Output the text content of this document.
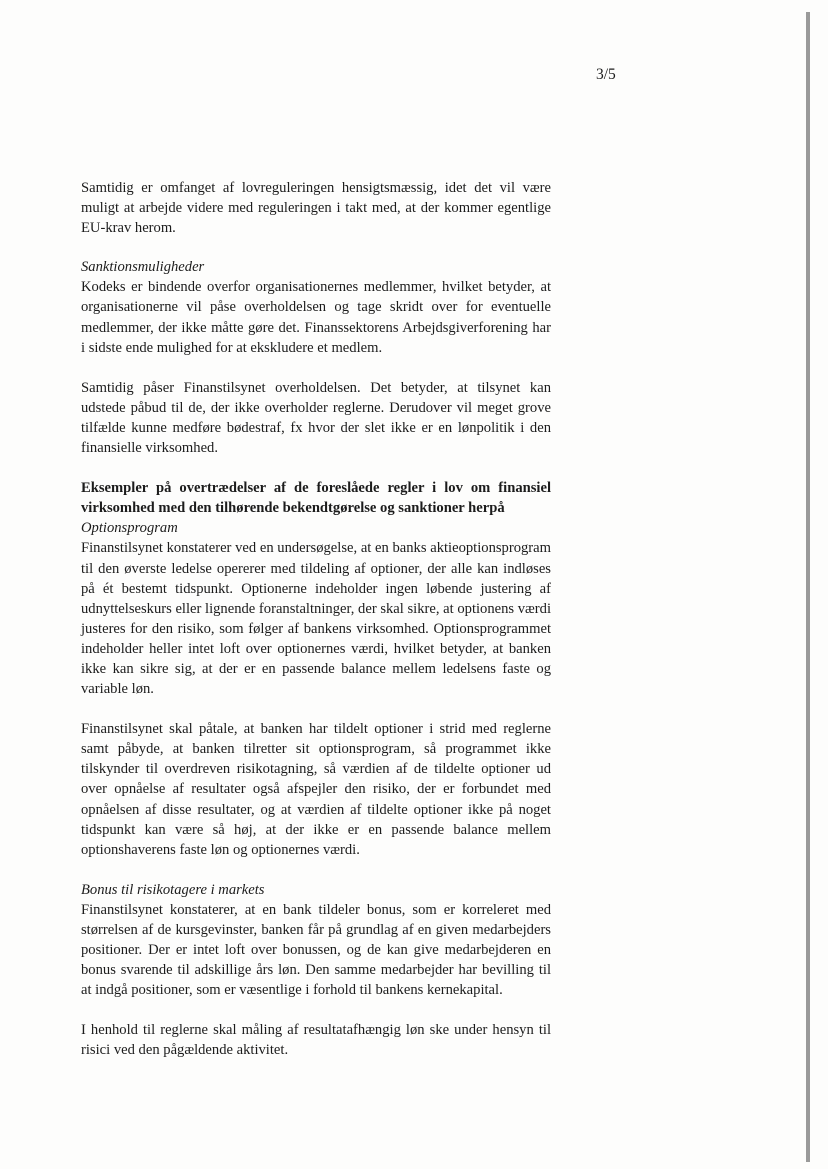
3/5

Samtidig er omfanget af lovreguleringen hensigtsmæssig, idet det vil være muligt at arbejde videre med reguleringen i takt med, at der kommer egentlige EU-krav herom.

Sanktionsmuligheder

Kodeks er bindende overfor organisationernes medlemmer, hvilket betyder, at organisationerne vil påse overholdelsen og tage skridt over for eventuelle medlemmer, der ikke måtte gøre det. Finanssektorens Arbejdsgiverforening har i sidste ende mulighed for at ekskludere et medlem.

Samtidig påser Finanstilsynet overholdelsen. Det betyder, at tilsynet kan udstede påbud til de, der ikke overholder reglerne. Derudover vil meget grove tilfælde kunne medføre bødestraf, fx hvor der slet ikke er en lønpolitik i den finansielle virksomhed.

Eksempler på overtrædelser af de foreslåede regler i lov om finansiel virksomhed med den tilhørende bekendtgørelse og sanktioner herpå

Optionsprogram

Finanstilsynet konstaterer ved en undersøgelse, at en banks aktieoptionsprogram til den øverste ledelse opererer med tildeling af optioner, der alle kan indløses på ét bestemt tidspunkt. Optionerne indeholder ingen løbende justering af udnyttelseskurs eller lignende foranstaltninger, der skal sikre, at optionens værdi justeres for den risiko, som følger af bankens virksomhed. Optionsprogrammet indeholder heller intet loft over optionernes værdi, hvilket betyder, at banken ikke kan sikre sig, at der er en passende balance mellem ledelsens faste og variable løn.

Finanstilsynet skal påtale, at banken har tildelt optioner i strid med reglerne samt påbyde, at banken tilretter sit optionsprogram, så programmet ikke tilskynder til overdreven risikotagning, så værdien af de tildelte optioner ud over opnåelse af resultater også afspejler den risiko, der er forbundet med opnåelsen af disse resultater, og at værdien af tildelte optioner ikke på noget tidspunkt kan være så høj, at der ikke er en passende balance mellem optionshaverens faste løn og optionernes værdi.

Bonus til risikotagere i markets

Finanstilsynet konstaterer, at en bank tildeler bonus, som er korreleret med størrelsen af de kursgevinster, banken får på grundlag af en given medarbejders positioner. Der er intet loft over bonussen, og de kan give medarbejderen en bonus svarende til adskillige års løn. Den samme medarbejder har bevilling til at indgå positioner, som er væsentlige i forhold til bankens kernekapital.

I henhold til reglerne skal måling af resultatafhængig løn ske under hensyn til risici ved den pågældende aktivitet.
